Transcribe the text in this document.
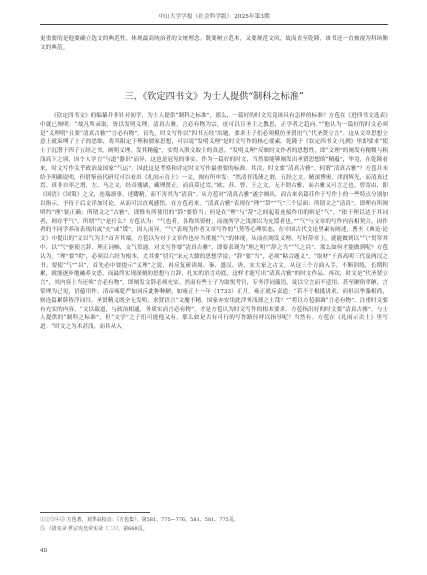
中山大学学报（社会科学版） 2025年第3期

更重要的是他要确立选文的典范性，体现最高统治者的文统理念。既要树立范本，又要规范文风，故而直至乾隆，该书还一直被视为科场衡文的典范。

三、《钦定四书文》为士人提供“制科之标准”

《钦定四书文》的编纂并非针对初学，为士人提供“制科之标准”，那么，一篇好的时文究竟该具有怎样的标准？方苞在《进四书文选表》中就已阐明：“故凡所录取，皆以发明义理，清真古雅，言必有物为宗，庶可以宣圣主之教思，正学者之趋向。”“他认为一篇好的时文必须是“义理明”且要“清真古雅”“言必有物”。首先，时文写作以“四书五经”出题，要求士子们必须模仿圣贤语气“代圣贤立言”。这从文章思想立意上就束缚了士子的思维，将其限定于理和儒家思想，可以说“发明义理”是时文写作的核心要素。乾隆于《钦定四书文·凡例》里即要求“使士子沉潜于四子五经之书，阐明义理，发其精蕴”，实得入股文取士的真意。“发明义理”反映时文作者的思想性，即“文理”的阐发有精微与粗浅高下之别，因个人学力“与道”器识”而异，这也是冠见的事实。作为一篇好的时文，当然要能够阐发出圣贤思想的“精蕴”，毕竟，在乾隆看来，时文写作关乎政治及国家“气运”，因此这是考察和评定时文写作最重要的标准。其次，时文要“清真古雅”。何谓“清真古雅”？方苞并未给予明确说明，但借鉴前代研究可以看出《礼闱示育士》一文，阐有所申发：“然清非浅薄之谓，五经之文，精深博奥，津润辉光，而清真过焉。真非自率之谓，左、马之文，经奇瑰谲，藏理贤正，而真莫过焉。”欧、苏、曾、王之文，无不谓古雅，而古雅又可言之也。曾寄由，即《国语》《国策》之文，连瑞凛事，述耀精，而不害其为“清真”。从方苞对“清真古雅”遂字阐出，而古来名篇佳作于写作上的一些特点分别加以指示，予待于后文详加讨论，从而可以直观感悟。在方苞看来，“清真古雅”表现在“理”“辞”“气”三个层面：所谓文之“清真”，即理有所阐明约“理”要正确；所谓文之“古雅”，即惟有所使用的“辞”要恰当；但是在“理”与“辞”之间起着连接作用的则是“气”，“依于理以达于其词者，则存乎气”。所谓“气”是什么？方苞认为：“气也者，各称其资材，而视所学之浅深以为充馁者也。”“气”与文章的写作内容相契合，因作者的不同学养而表现出或“充”或“馁”，因人而异。“气”表现为作者文章写作的气势等心理状态，在中国古代文论里素有阐述，曹丕《典论·论文》中提出的“文以气为主”首开其端。方苞以为对于文章作也应当重视“气”的体现，从而在阐发义理、写好辞章上，就能做到以“气”贯穿其中，以“气”驱使言辞，理正词畅，文气贯通。对文写作要“清真古雅”，即要表现为“理之明”“辞之当”“气之昌”。那么如何才能做到呢？方苞认为，“理”要“明”，必须以六经为根本，尤其要“切究”宋元大儒的思想学说；“辞”要“当”，必须“粘合题义”，“取材”于真高明三代及两汉之书；要使“气”“昌”，首先必中要提示“义理”之说，再反复研读周、秦、盛汉、唐、宋大家之古文。从这三个方面入手，不断训练，长期积累，就能逐步地融养文思，而最终实现深刻的思想与言辞、扎实的语言功底，这样才能写出“清真古雅”的时文作品。再次，时文是“代圣贤立言”，其内容上当还须“言必有物”，即阐发文辞必须充实。然而有些士子为取悦考官，专务浮词藻语，徒以空言而不适用，甚至陋俗卑陋，言常理为己见，语蕴用作。清帝雍乾严加词斥此种种陋，如雍正十一年（1733）正月，雍正就斥责道：“若不干根抵讲求，而但以华藻相尚，则连篇累牍皆浮词耳。圣贤精义既全无发明，求贤语言“文魔不精，国家亦安用此浮务浅薄之士哉？”“将以方苞强调“言必有物”，注重时文要有充实的内容，“文以载道，与政治相通，务质实而言必有物”，才是方苞认为时文写作的根本要求。方苞指出好的时文要“清真古雅”，与士人提供的“制科之标准”，但“文学”之子们可能他又有，那么如是否有可行的写作路径呼以指导呢？当然有。方苞在《礼闱示贡士》里写道：“时文之为术甚浅，而其从入

①②③④⑤ 方苞著，刘季高校点：《方苞集》，第581、775—776、581、581、775页。
⑤ 《清实录·世宗宪皇帝实录（二）》，第668页。
40
